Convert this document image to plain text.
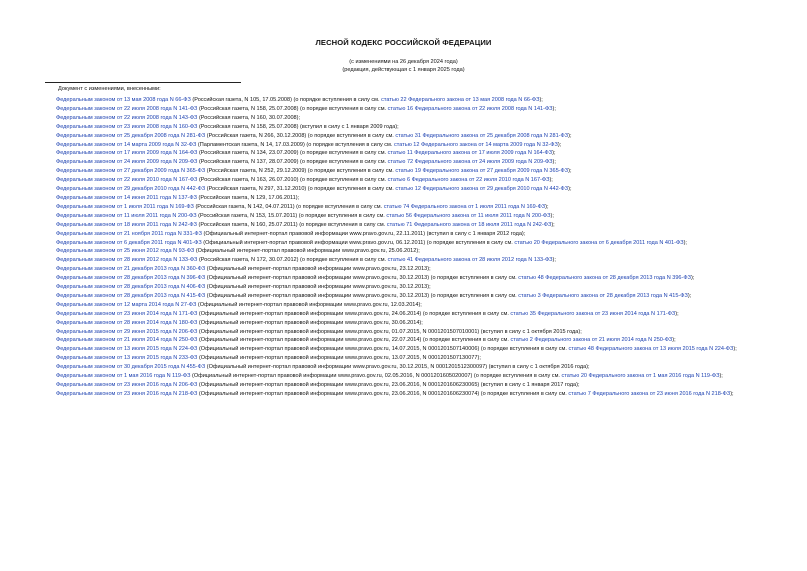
ЛЕСНОЙ КОДЕКС РОССИЙСКОЙ ФЕДЕРАЦИИ
(с изменениями на 26 декабря 2024 года)
(редакция, действующая с 1 января 2025 года)
Документ с изменениями, внесенными:
Федеральным законом от 13 мая 2008 года N 66-ФЗ (Российская газета, N 105, 17.05.2008) (о порядке вступления в силу см. статью 22 Федерального закона от 13 мая 2008 года N 66-ФЗ);
Федеральным законом от 22 июля 2008 года N 141-ФЗ (Российская газета, N 158, 25.07.2008) (о порядке вступления в силу см. статью 16 Федерального закона от 22 июля 2008 года N 141-ФЗ);
Федеральным законом от 22 июля 2008 года N 143-ФЗ (Российская газета, N 160, 30.07.2008);
Федеральным законом от 23 июля 2008 года N 160-ФЗ (Российская газета, N 158, 25.07.2008) (вступил в силу с 1 января 2009 года);
Федеральным законом от 25 декабря 2008 года N 281-ФЗ (Российская газета, N 266, 30.12.2008) (о порядке вступления в силу см. статью 31 Федерального закона от 25 декабря 2008 года N 281-ФЗ);
Федеральным законом от 14 марта 2009 года N 32-ФЗ (Парламентская газета, N 14, 17.03.2009) (о порядке вступления в силу см. статью 12 Федерального закона от 14 марта 2009 года N 32-ФЗ);
Федеральным законом от 17 июля 2009 года N 164-ФЗ (Российская газета, N 134, 23.07.2009) (о порядке вступления в силу см. статью 11 Федерального закона от 17 июля 2009 года N 164-ФЗ);
Федеральным законом от 24 июля 2009 года N 209-ФЗ (Российская газета, N 137, 28.07.2009) (о порядке вступления в силу см. статью 72 Федерального закона от 24 июля 2009 года N 209-ФЗ);
Федеральным законом от 27 декабря 2009 года N 365-ФЗ (Российская газета, N 252, 29.12.2009) (о порядке вступления в силу см. статью 19 Федерального закона от 27 декабря 2009 года N 365-ФЗ);
Федеральным законом от 22 июля 2010 года N 167-ФЗ (Российская газета, N 163, 26.07.2010) (о порядке вступления в силу см. статью 6 Федерального закона от 22 июля 2010 года N 167-ФЗ);
Федеральным законом от 29 декабря 2010 года N 442-ФЗ (Российская газета, N 297, 31.12.2010) (о порядке вступления в силу см. статью 12 Федерального закона от 29 декабря 2010 года N 442-ФЗ);
Федеральным законом от 14 июня 2011 года N 137-ФЗ (Российская газета, N 129, 17.06.2011);
Федеральным законом от 1 июля 2011 года N 169-ФЗ (Российская газета, N 142, 04.07.2011) (о порядке вступления в силу см. статью 74 Федерального закона от 1 июля 2011 года N 169-ФЗ);
Федеральным законом от 11 июля 2011 года N 200-ФЗ (Российская газета, N 153, 15.07.2011) (о порядке вступления в силу см. статью 56 Федерального закона от 11 июля 2011 года N 200-ФЗ);
Федеральным законом от 18 июля 2011 года N 242-ФЗ (Российская газета, N 160, 25.07.2011) (о порядке вступления в силу см. статью 71 Федерального закона от 18 июля 2011 года N 242-ФЗ);
Федеральным законом от 21 ноября 2011 года N 331-ФЗ (Официальный интернет-портал правовой информации www.pravo.gov.ru, 22.11.2011) (вступил в силу с 1 января 2012 года);
Федеральным законом от 6 декабря 2011 года N 401-ФЗ (Официальный интернет-портал правовой информации www.pravo.gov.ru, 06.12.2011) (о порядке вступления в силу см. статью 20 Федерального закона от 6 декабря 2011 года N 401-ФЗ);
Федеральным законом от 25 июня 2012 года N 93-ФЗ (Официальный интернет-портал правовой информации www.pravo.gov.ru, 25.06.2012);
Федеральным законом от 28 июля 2012 года N 133-ФЗ (Российская газета, N 172, 30.07.2012) (о порядке вступления в силу см. статью 41 Федерального закона от 28 июля 2012 года N 133-ФЗ);
Федеральным законом от 21 декабря 2013 года N 360-ФЗ (Официальный интернет-портал правовой информации www.pravo.gov.ru, 23.12.2013);
Федеральным законом от 28 декабря 2013 года N 396-ФЗ (Официальный интернет-портал правовой информации www.pravo.gov.ru, 30.12.2013) (о порядке вступления в силу см. статью 48 Федерального закона от 28 декабря 2013 года N 396-ФЗ);
Федеральным законом от 28 декабря 2013 года N 406-ФЗ (Официальный интернет-портал правовой информации www.pravo.gov.ru, 30.12.2013);
Федеральным законом от 28 декабря 2013 года N 415-ФЗ (Официальный интернет-портал правовой информации www.pravo.gov.ru, 30.12.2013) (о порядке вступления в силу см. статью 3 Федерального закона от 28 декабря 2013 года N 415-ФЗ);
Федеральным законом от 12 марта 2014 года N 27-ФЗ (Официальный интернет-портал правовой информации www.pravo.gov.ru, 12.03.2014);
Федеральным законом от 23 июня 2014 года N 171-ФЗ (Официальный интернет-портал правовой информации www.pravo.gov.ru, 24.06.2014) (о порядке вступления в силу см. статью 35 Федерального закона от 23 июня 2014 года N 171-ФЗ);
Федеральным законом от 28 июня 2014 года N 180-ФЗ (Официальный интернет-портал правовой информации www.pravo.gov.ru, 30.06.2014);
Федеральным законом от 29 июня 2015 года N 206-ФЗ (Официальный интернет-портал правовой информации www.pravo.gov.ru, 01.07.2015, N 0001201507010001) (вступил в силу с 1 октября 2015 года);
Федеральным законом от 21 июля 2014 года N 250-ФЗ (Официальный интернет-портал правовой информации www.pravo.gov.ru, 22.07.2014) (о порядке вступления в силу см. статью 2 Федерального закона от 21 июля 2014 года N 250-ФЗ);
Федеральным законом от 13 июля 2015 года N 224-ФЗ (Официальный интернет-портал правовой информации www.pravo.gov.ru, 14.07.2015, N 0001201507140006) (о порядке вступления в силу см. статью 48 Федерального закона от 13 июля 2015 года N 224-ФЗ);
Федеральным законом от 13 июля 2015 года N 233-ФЗ (Официальный интернет-портал правовой информации www.pravo.gov.ru, 13.07.2015, N 0001201507130077);
Федеральным законом от 30 декабря 2015 года N 455-ФЗ (Официальный интернет-портал правовой информации www.pravo.gov.ru, 30.12.2015, N 0001201512300097) (вступил в силу с 1 октября 2016 года);
Федеральным законом от 1 мая 2016 года N 119-ФЗ (Официальный интернет-портал правовой информации www.pravo.gov.ru, 02.05.2016, N 0001201605020007) (о порядке вступления в силу см. статью 20 Федерального закона от 1 мая 2016 года N 119-ФЗ);
Федеральным законом от 23 июня 2016 года N 206-ФЗ (Официальный интернет-портал правовой информации www.pravo.gov.ru, 23.06.2016, N 0001201606230065) (вступил в силу с 1 января 2017 года);
Федеральным законом от 23 июня 2016 года N 218-ФЗ (Официальный интернет-портал правовой информации www.pravo.gov.ru, 23.06.2016, N 0001201606230074) (о порядке вступления в силу см. статью 7 Федерального закона от 23 июня 2016 года N 218-ФЗ);
